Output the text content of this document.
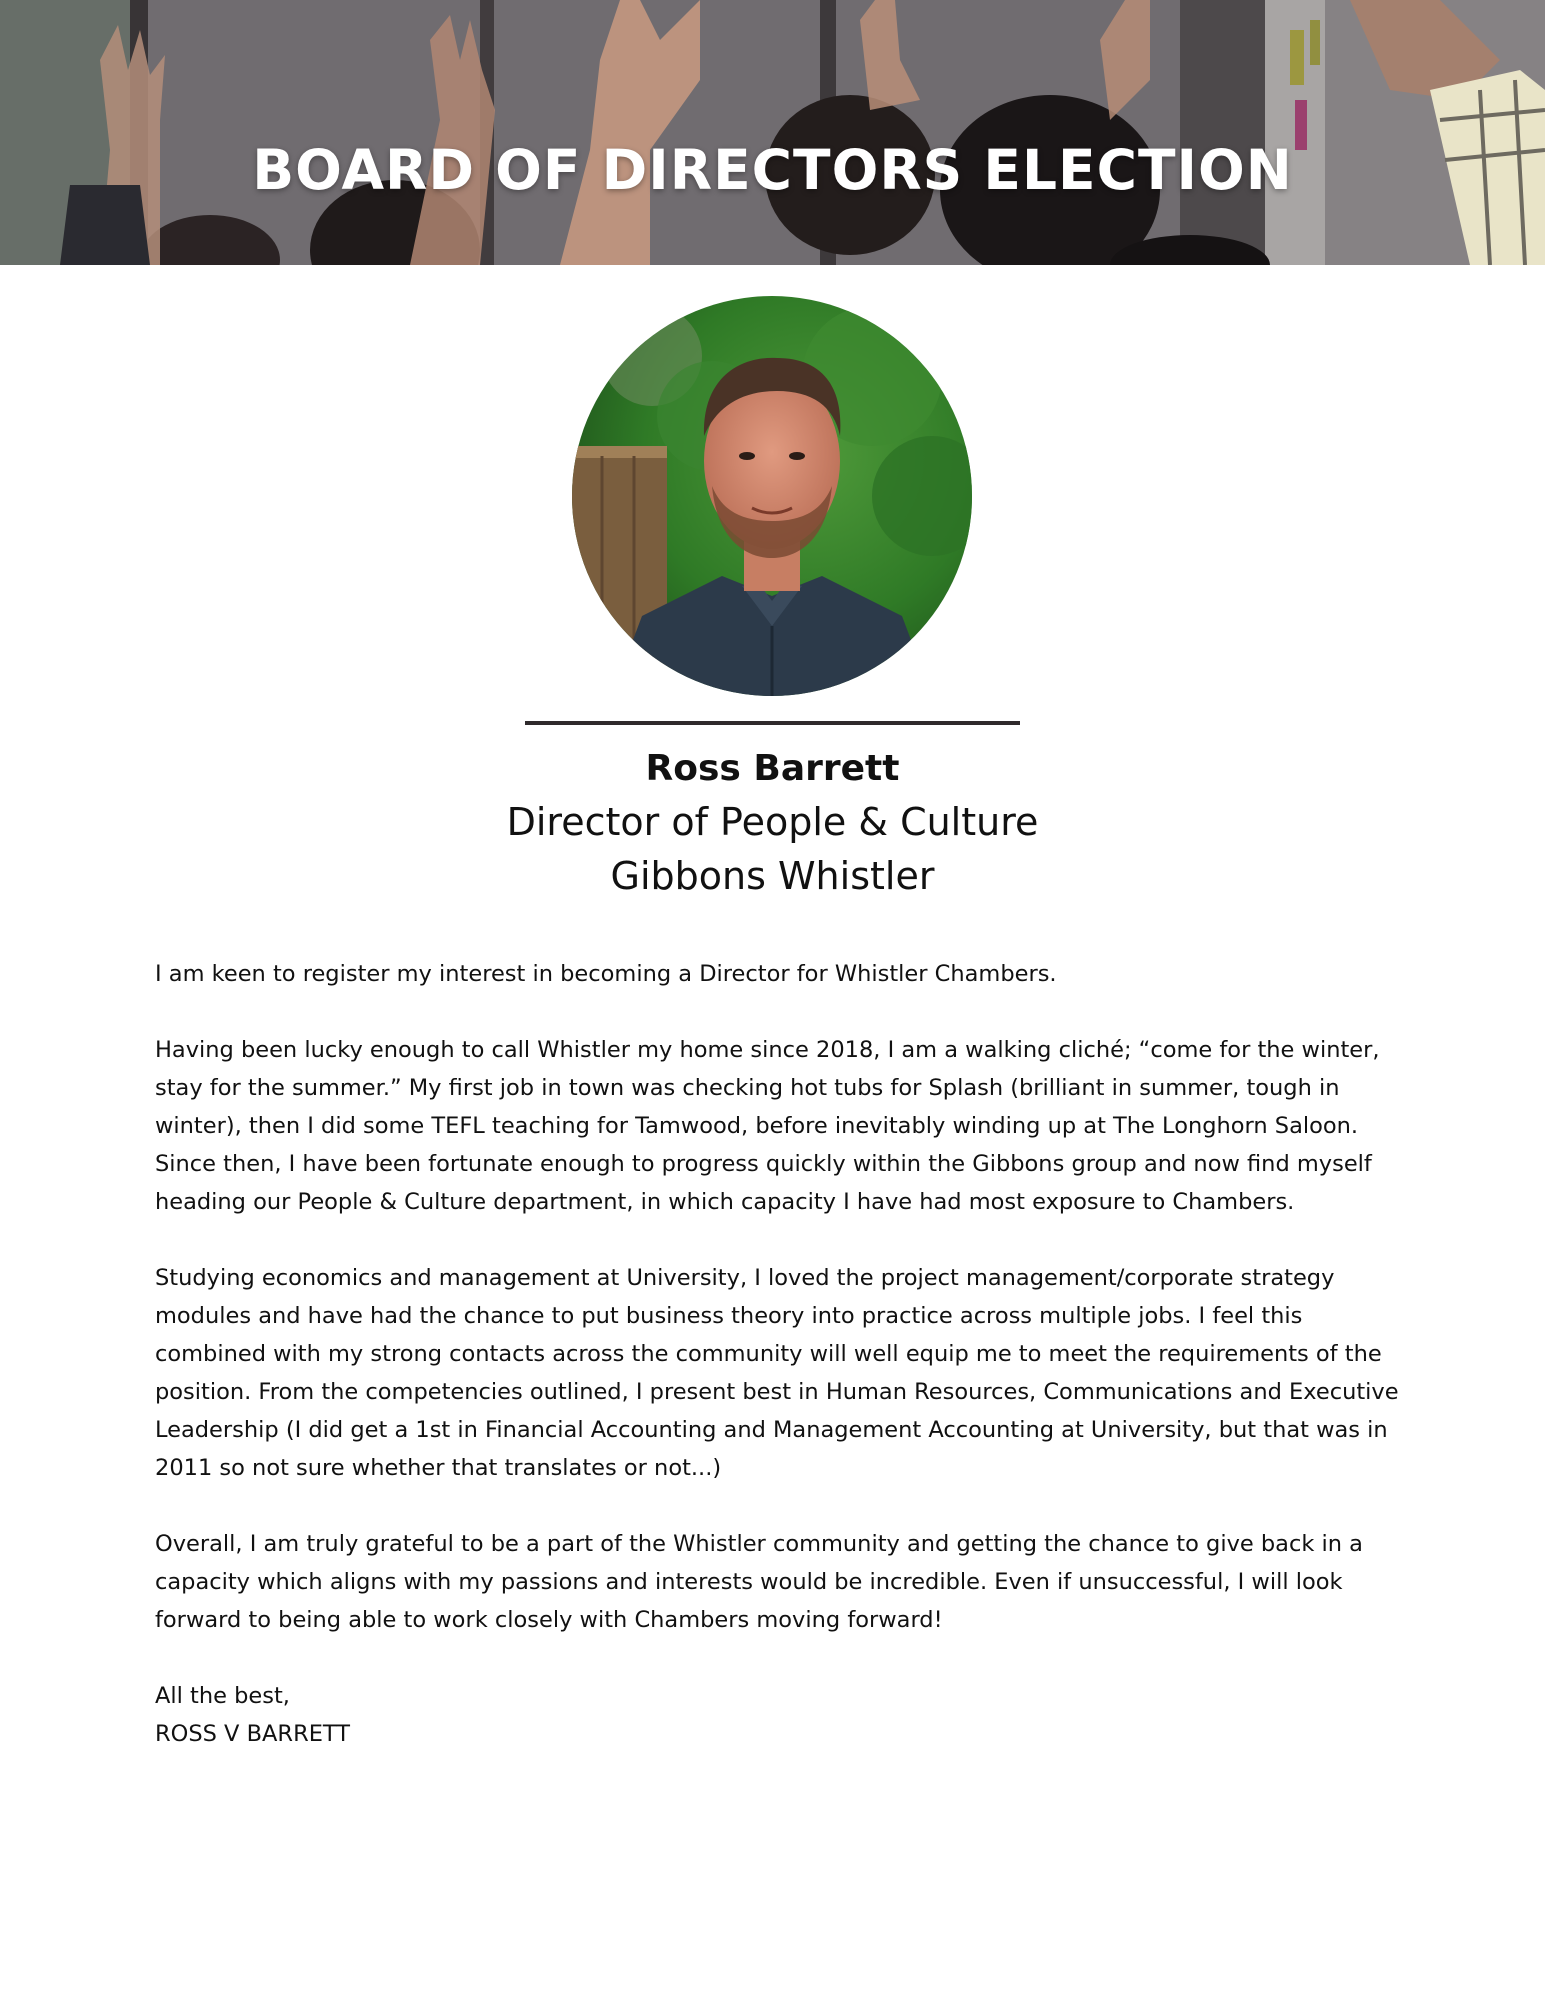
BOARD OF DIRECTORS ELECTION
Ross Barrett
Director of People & Culture
Gibbons Whistler

I am keen to register my interest in becoming a Director for Whistler Chambers.

Having been lucky enough to call Whistler my home since 2018, I am a walking cliché; “come for the winter, stay for the summer.” My first job in town was checking hot tubs for Splash (brilliant in summer, tough in winter), then I did some TEFL teaching for Tamwood, before inevitably winding up at The Longhorn Saloon.

Since then, I have been fortunate enough to progress quickly within the Gibbons group and now find myself heading our People & Culture department, in which capacity I have had most exposure to Chambers.

Studying economics and management at University, I loved the project management/corporate strategy modules and have had the chance to put business theory into practice across multiple jobs. I feel this combined with my strong contacts across the community will well equip me to meet the requirements of the position. From the competencies outlined, I present best in Human Resources, Communications and Executive Leadership (I did get a 1st in Financial Accounting and Management Accounting at University, but that was in 2011 so not sure whether that translates or not...)

Overall, I am truly grateful to be a part of the Whistler community and getting the chance to give back in a capacity which aligns with my passions and interests would be incredible. Even if unsuccessful, I will look forward to being able to work closely with Chambers moving forward!

All the best,

ROSS V BARRETT
